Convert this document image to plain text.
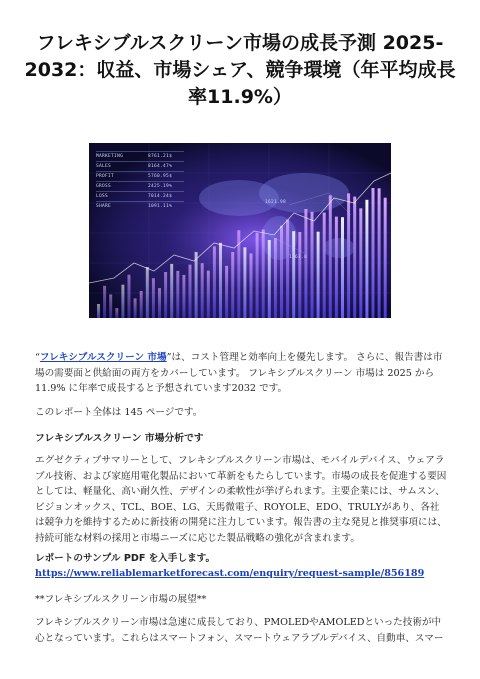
フレキシブルスクリーン市場の成長予測 2025-2032：収益、市場シェア、競争環境（年平均成長率11.9%）
MARKETING	8761.21$
SALES	8164.47%
PROFIT	5760.95$
GROSS	2425.19%
LOSS	7014.24$
SHARE	1091.11%
1621.98
1561.8
“フレキシブルスクリーン 市場”は、コスト管理と効率向上を優先します。 さらに、報告書は市場の需要面と供給面の両方をカバーしています。 フレキシブルスクリーン 市場は 2025 から 11.9% に年率で成長すると予想されています2032 です。
このレポート全体は 145 ページです。
フレキシブルスクリーン 市場分析です
エグゼクティブサマリーとして、フレキシブルスクリーン市場は、モバイルデバイス、ウェアラブル技術、および家庭用電化製品において革新をもたらしています。市場の成長を促進する要因としては、軽量化、高い耐久性、デザインの柔軟性が挙げられます。主要企業には、サムスン、ビジョンオックス、TCL、BOE、LG、天馬微電子、ROYOLE、EDO、TRULYがあり、各社は競争力を維持するために新技術の開発に注力しています。報告書の主な発見と推奨事項には、持続可能な材料の採用と市場ニーズに応じた製品戦略の強化が含まれます。
レポートのサンプル PDF を入手します。 https://www.reliablemarketforecast.com/enquiry/request-sample/856189
**フレキシブルスクリーン市場の展望**
フレキシブルスクリーン市場は急速に成長しており、PMOLEDやAMOLEDといった技術が中心となっています。これらはスマートフォン、スマートウェアラブルデバイス、自動車、スマー
